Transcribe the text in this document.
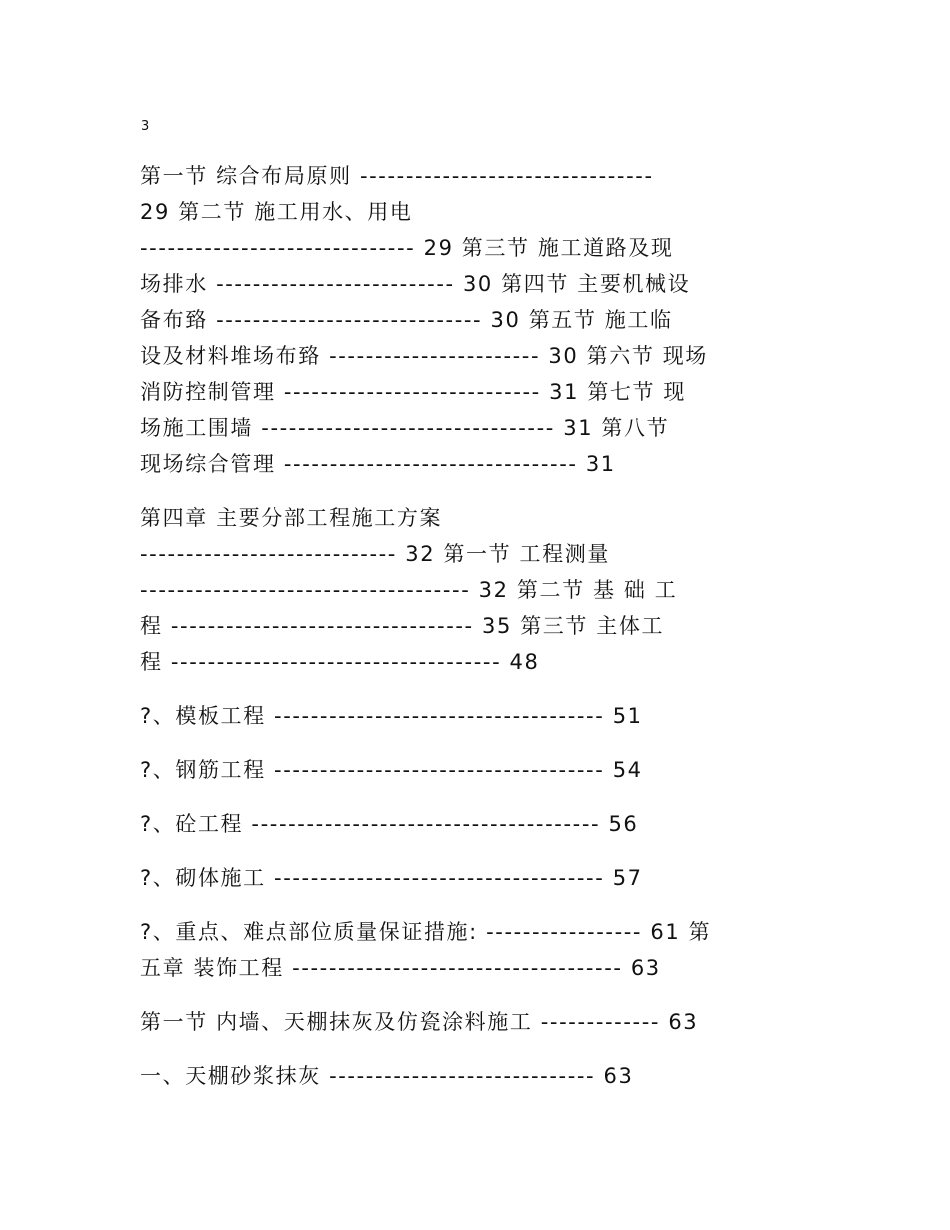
3
第一节 综合布局原则 --------------------------------
29 第二节 施工用水、用电
------------------------------ 29 第三节 施工道路及现
场排水 -------------------------- 30 第四节 主要机械设
备布臵 ----------------------------- 30 第五节 施工临
设及材料堆场布臵 ----------------------- 30 第六节 现场
消防控制管理 ---------------------------- 31 第七节 现
场施工围墙 -------------------------------- 31 第八节
现场综合管理 -------------------------------- 31
第四章 主要分部工程施工方案
---------------------------- 32 第一节 工程测量
------------------------------------ 32 第二节 基 础 工
程 --------------------------------- 35 第三节 主体工
程 ------------------------------------ 48
?、模板工程 ------------------------------------ 51
?、钢筋工程 ------------------------------------ 54
?、砼工程 -------------------------------------- 56
?、砌体施工 ------------------------------------ 57
?、重点、难点部位质量保证措施: ----------------- 61 第
五章 装饰工程 ------------------------------------ 63
第一节 内墙、天棚抹灰及仿瓷涂料施工 ------------- 63
一、天棚砂浆抹灰 ----------------------------- 63
